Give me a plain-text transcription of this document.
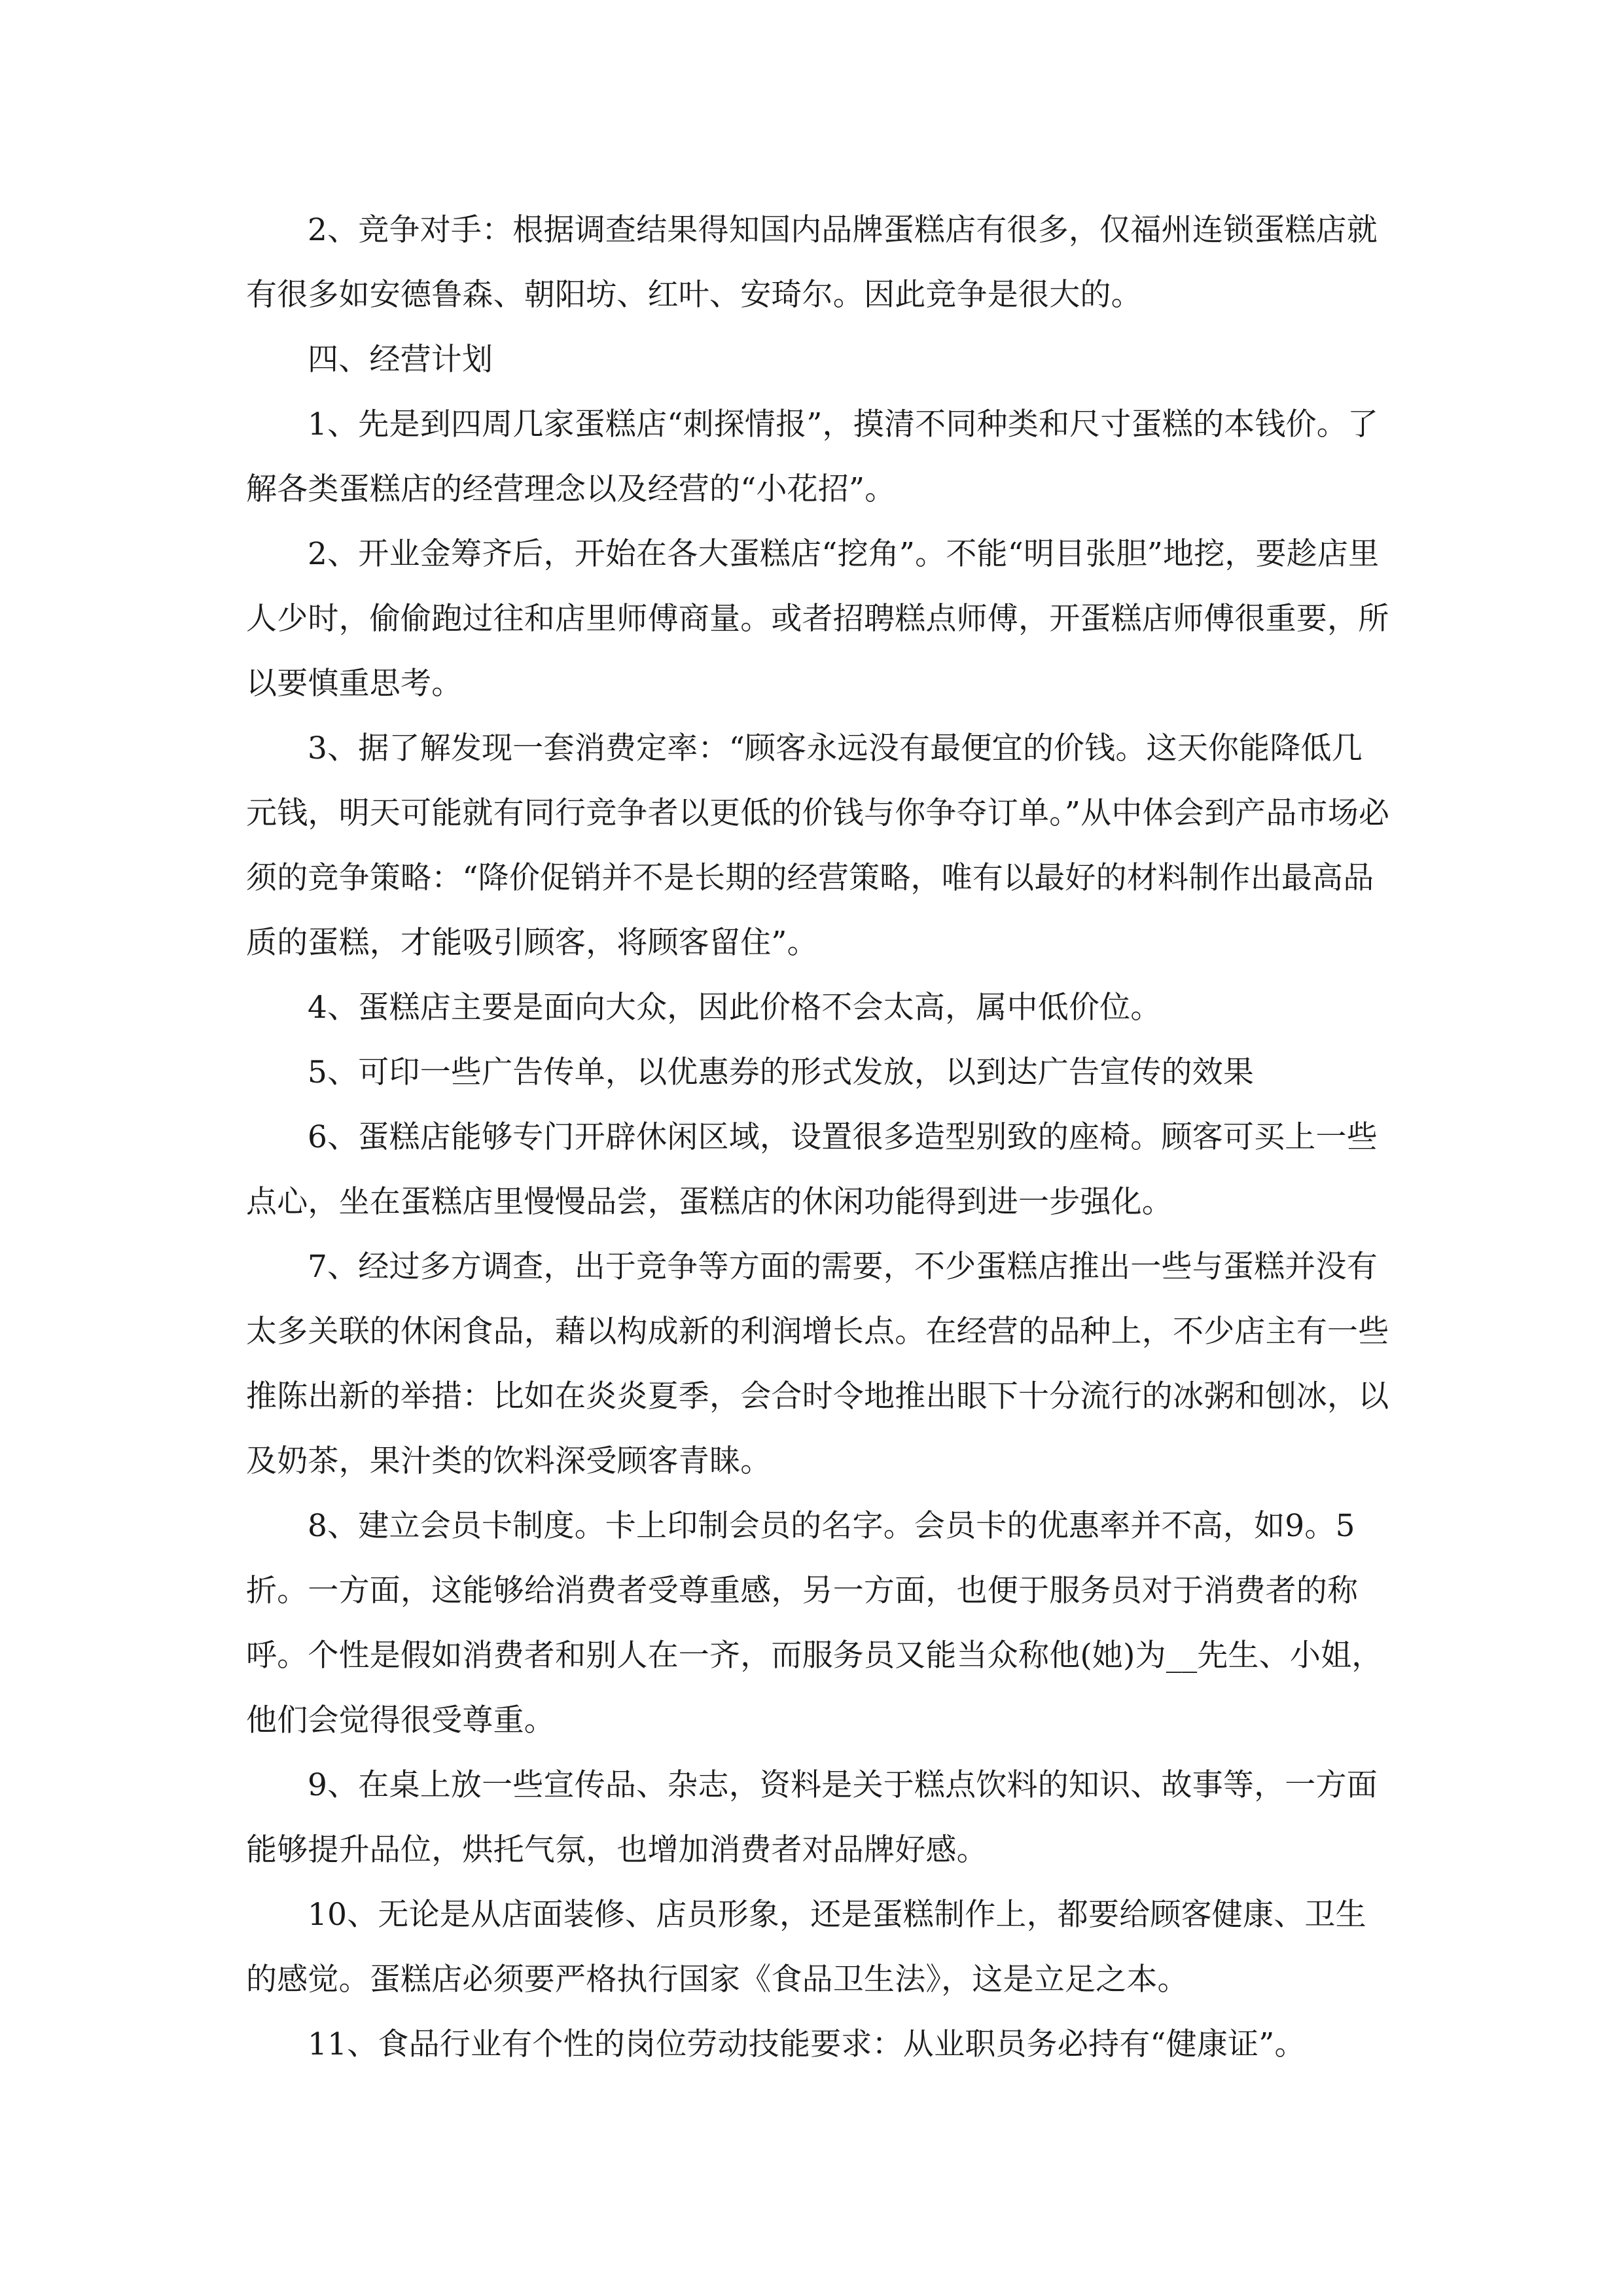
2、竞争对手：根据调查结果得知国内品牌蛋糕店有很多，仅福州连锁蛋糕店就有很多如安德鲁森、朝阳坊、红叶、安琦尔。因此竞争是很大的。

四、经营计划

1、先是到四周几家蛋糕店“刺探情报”，摸清不同种类和尺寸蛋糕的本钱价。了解各类蛋糕店的经营理念以及经营的“小花招”。

2、开业金筹齐后，开始在各大蛋糕店“挖角”。不能“明目张胆”地挖，要趁店里人少时，偷偷跑过往和店里师傅商量。或者招聘糕点师傅，开蛋糕店师傅很重要，所以要慎重思考。

3、据了解发现一套消费定率：“顾客永远没有最便宜的价钱。这天你能降低几元钱，明天可能就有同行竞争者以更低的价钱与你争夺订单。”从中体会到产品市场必须的竞争策略：“降价促销并不是长期的经营策略，唯有以最好的材料制作出最高品质的蛋糕，才能吸引顾客，将顾客留住”。

4、蛋糕店主要是面向大众，因此价格不会太高，属中低价位。

5、可印一些广告传单，以优惠券的形式发放，以到达广告宣传的效果

6、蛋糕店能够专门开辟休闲区域，设置很多造型别致的座椅。顾客可买上一些点心，坐在蛋糕店里慢慢品尝，蛋糕店的休闲功能得到进一步强化。

7、经过多方调查，出于竞争等方面的需要，不少蛋糕店推出一些与蛋糕并没有太多关联的休闲食品，藉以构成新的利润增长点。在经营的品种上，不少店主有一些推陈出新的举措：比如在炎炎夏季，会合时令地推出眼下十分流行的冰粥和刨冰，以及奶茶，果汁类的饮料深受顾客青睐。

8、建立会员卡制度。卡上印制会员的名字。会员卡的优惠率并不高，如9。5折。一方面，这能够给消费者受尊重感，另一方面，也便于服务员对于消费者的称呼。个性是假如消费者和别人在一齐，而服务员又能当众称他(她)为__先生、小姐，他们会觉得很受尊重。

9、在桌上放一些宣传品、杂志，资料是关于糕点饮料的知识、故事等，一方面能够提升品位，烘托气氛，也增加消费者对品牌好感。

10、无论是从店面装修、店员形象，还是蛋糕制作上，都要给顾客健康、卫生的感觉。蛋糕店必须要严格执行国家《食品卫生法》，这是立足之本。

11、食品行业有个性的岗位劳动技能要求：从业职员务必持有“健康证”。
